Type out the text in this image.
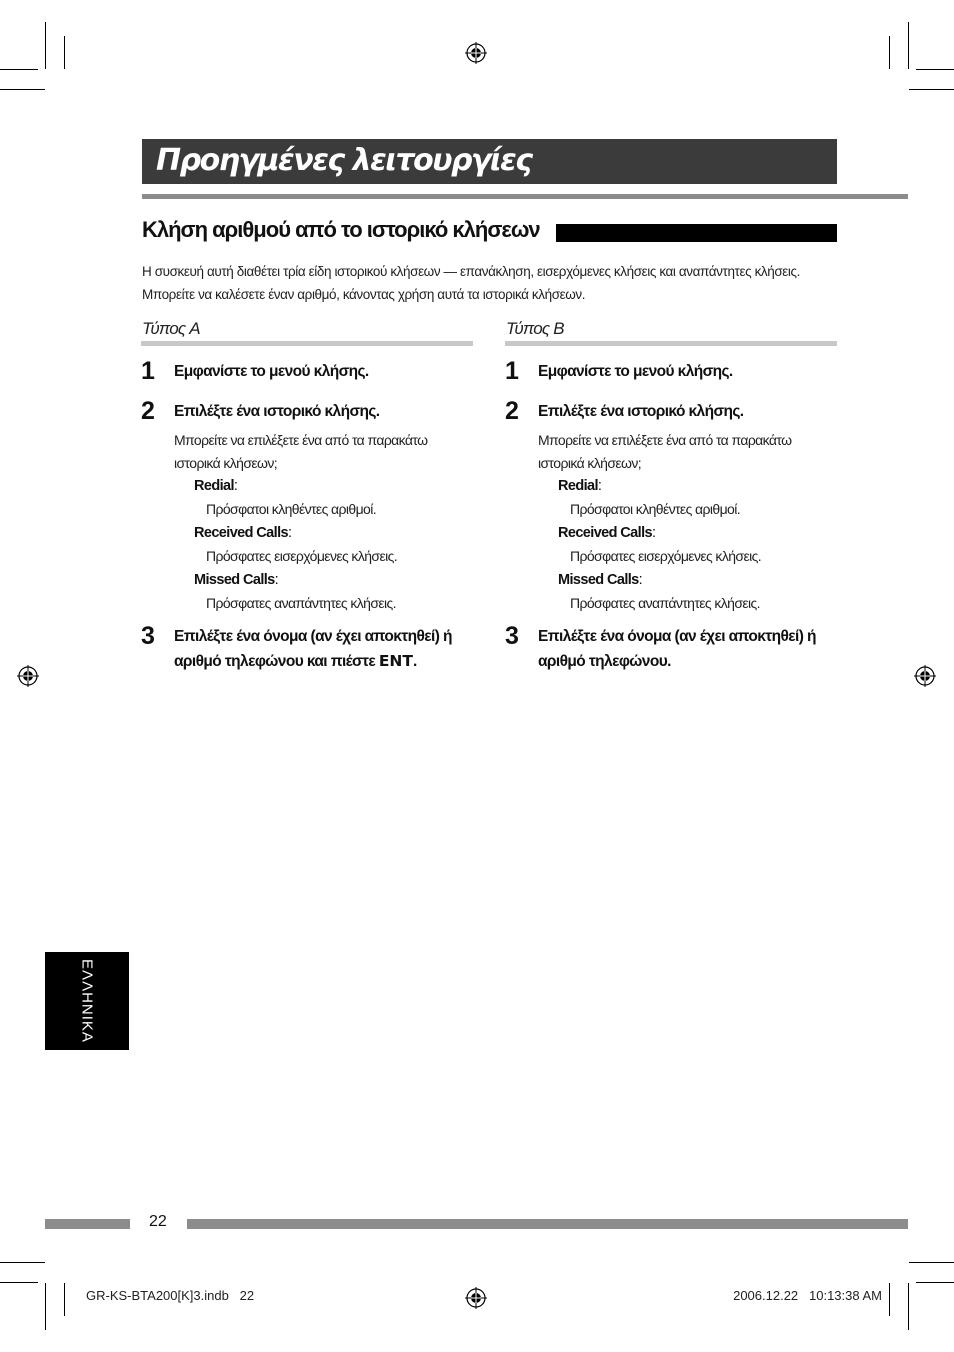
Προηγμένες λειτουργίες
Κλήση αριθμού από το ιστορικό κλήσεων
Η συσκευή αυτή διαθέτει τρία είδη ιστορικού κλήσεων — επανάκληση, εισερχόμενες κλήσεις και αναπάντητες κλήσεις. Μπορείτε να καλέσετε έναν αριθμό, κάνοντας χρήση αυτά τα ιστορικά κλήσεων.
Τύπος A
1 Εμφανίστε το μενού κλήσης.
2 Επιλέξτε ένα ιστορικό κλήσης.
Μπορείτε να επιλέξετε ένα από τα παρακάτω ιστορικά κλήσεων;
Redial:
Πρόσφατοι κληθέντες αριθμοί.
Received Calls:
Πρόσφατες εισερχόμενες κλήσεις.
Missed Calls:
Πρόσφατες αναπάντητες κλήσεις.
3 Επιλέξτε ένα όνομα (αν έχει αποκτηθεί) ή αριθμό τηλεφώνου και πιέστε ENT.
Τύπος B
1 Εμφανίστε το μενού κλήσης.
2 Επιλέξτε ένα ιστορικό κλήσης.
Μπορείτε να επιλέξετε ένα από τα παρακάτω ιστορικά κλήσεων;
Redial:
Πρόσφατοι κληθέντες αριθμοί.
Received Calls:
Πρόσφατες εισερχόμενες κλήσεις.
Missed Calls:
Πρόσφατες αναπάντητες κλήσεις.
3 Επιλέξτε ένα όνομα (αν έχει αποκτηθεί) ή αριθμό τηλεφώνου.
ΕΛΛΗΝΙΚΑ
22
GR-KS-BTA200[K]3.indb   22	2006.12.22   10:13:38 AM
